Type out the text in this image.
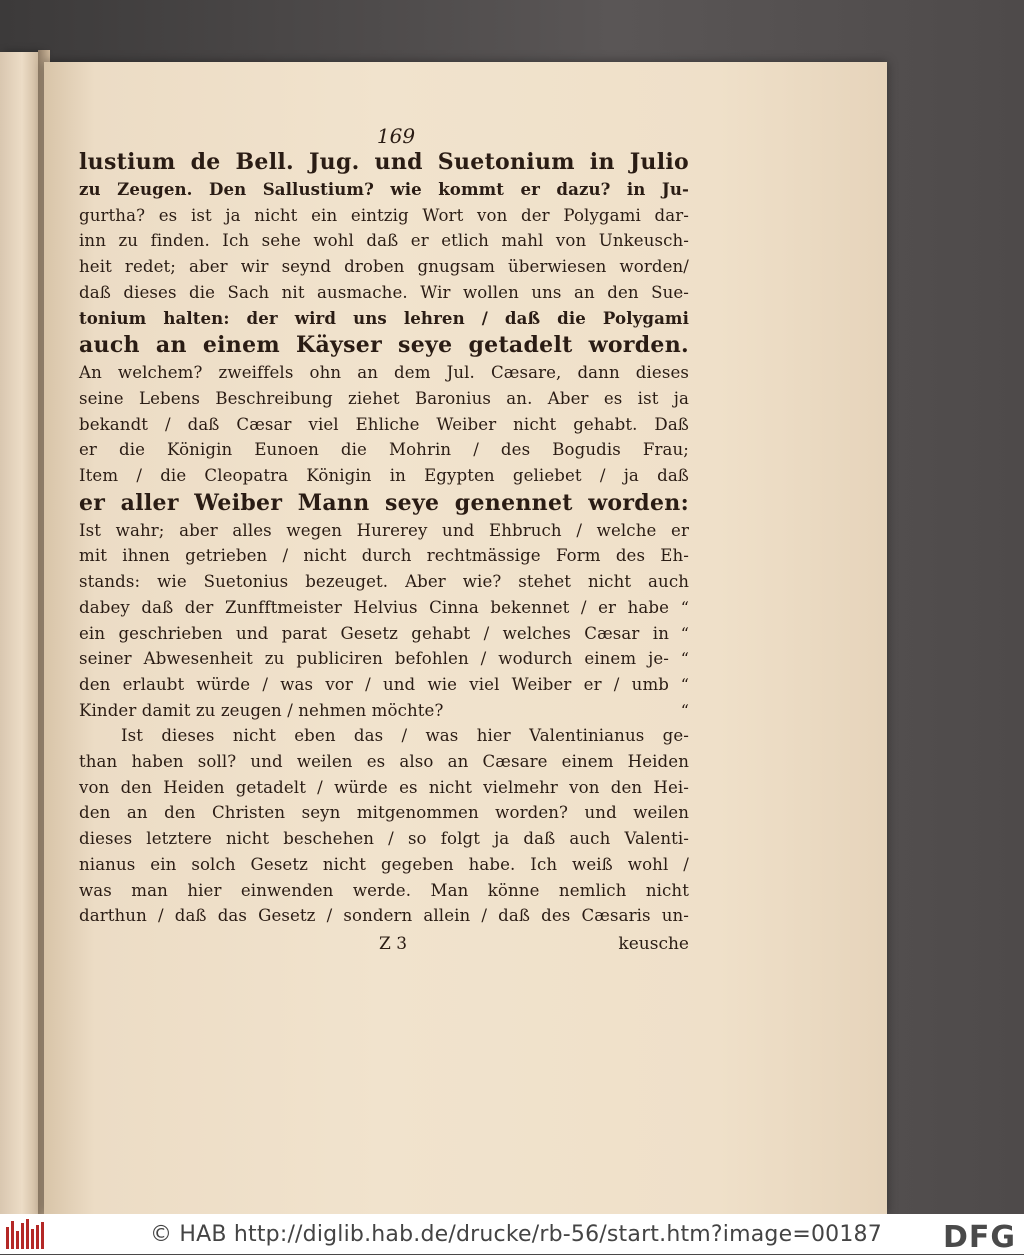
169
lustium de Bell. Jug. und Suetonium in Julio
zu Zeugen. Den Sallustium? wie kommt er dazu? in Ju-
gurtha? es ist ja nicht ein eintzig Wort von der Polygami dar-
inn zu finden. Ich sehe wohl daß er etlich mahl von Unkeusch-
heit redet; aber wir seynd droben gnugsam überwiesen worden/
daß dieses die Sach nit ausmache. Wir wollen uns an den Sue-
tonium halten: der wird uns lehren / daß die Polygami
auch an einem Käyser seye getadelt worden.
An welchem? zweiffels ohn an dem Jul. Cæsare, dann dieses
seine Lebens Beschreibung ziehet Baronius an. Aber es ist ja
bekandt / daß Cæsar viel Ehliche Weiber nicht gehabt. Daß
er die Königin Eunoen die Mohrin / des Bogudis Frau;
Item / die Cleopatra Königin in Egypten geliebet / ja daß
er aller Weiber Mann seye genennet worden:
Ist wahr; aber alles wegen Hurerey und Ehbruch / welche er
mit ihnen getrieben / nicht durch rechtmässige Form des Eh-
stands: wie Suetonius bezeuget. Aber wie? stehet nicht auch
dabey daß der Zunfftmeister Helvius Cinna bekennet / er habe “
ein geschrieben und parat Gesetz gehabt / welches Cæsar in “
seiner Abwesenheit zu publiciren befohlen / wodurch einem je- “
den erlaubt würde / was vor / und wie viel Weiber er / umb “
Kinder damit zu zeugen / nehmen möchte? “
Ist dieses nicht eben das / was hier Valentinianus ge-
than haben soll? und weilen es also an Cæsare einem Heiden
von den Heiden getadelt / würde es nicht vielmehr von den Hei-
den an den Christen seyn mitgenommen worden? und weilen
dieses letztere nicht beschehen / so folgt ja daß auch Valenti-
nianus ein solch Gesetz nicht gegeben habe. Ich weiß wohl /
was man hier einwenden werde. Man könne nemlich nicht
darthun / daß das Gesetz / sondern allein / daß des Cæsaris un-
Z 3	keusche
© HAB http://diglib.hab.de/drucke/rb-56/start.htm?image=00187 DFG
